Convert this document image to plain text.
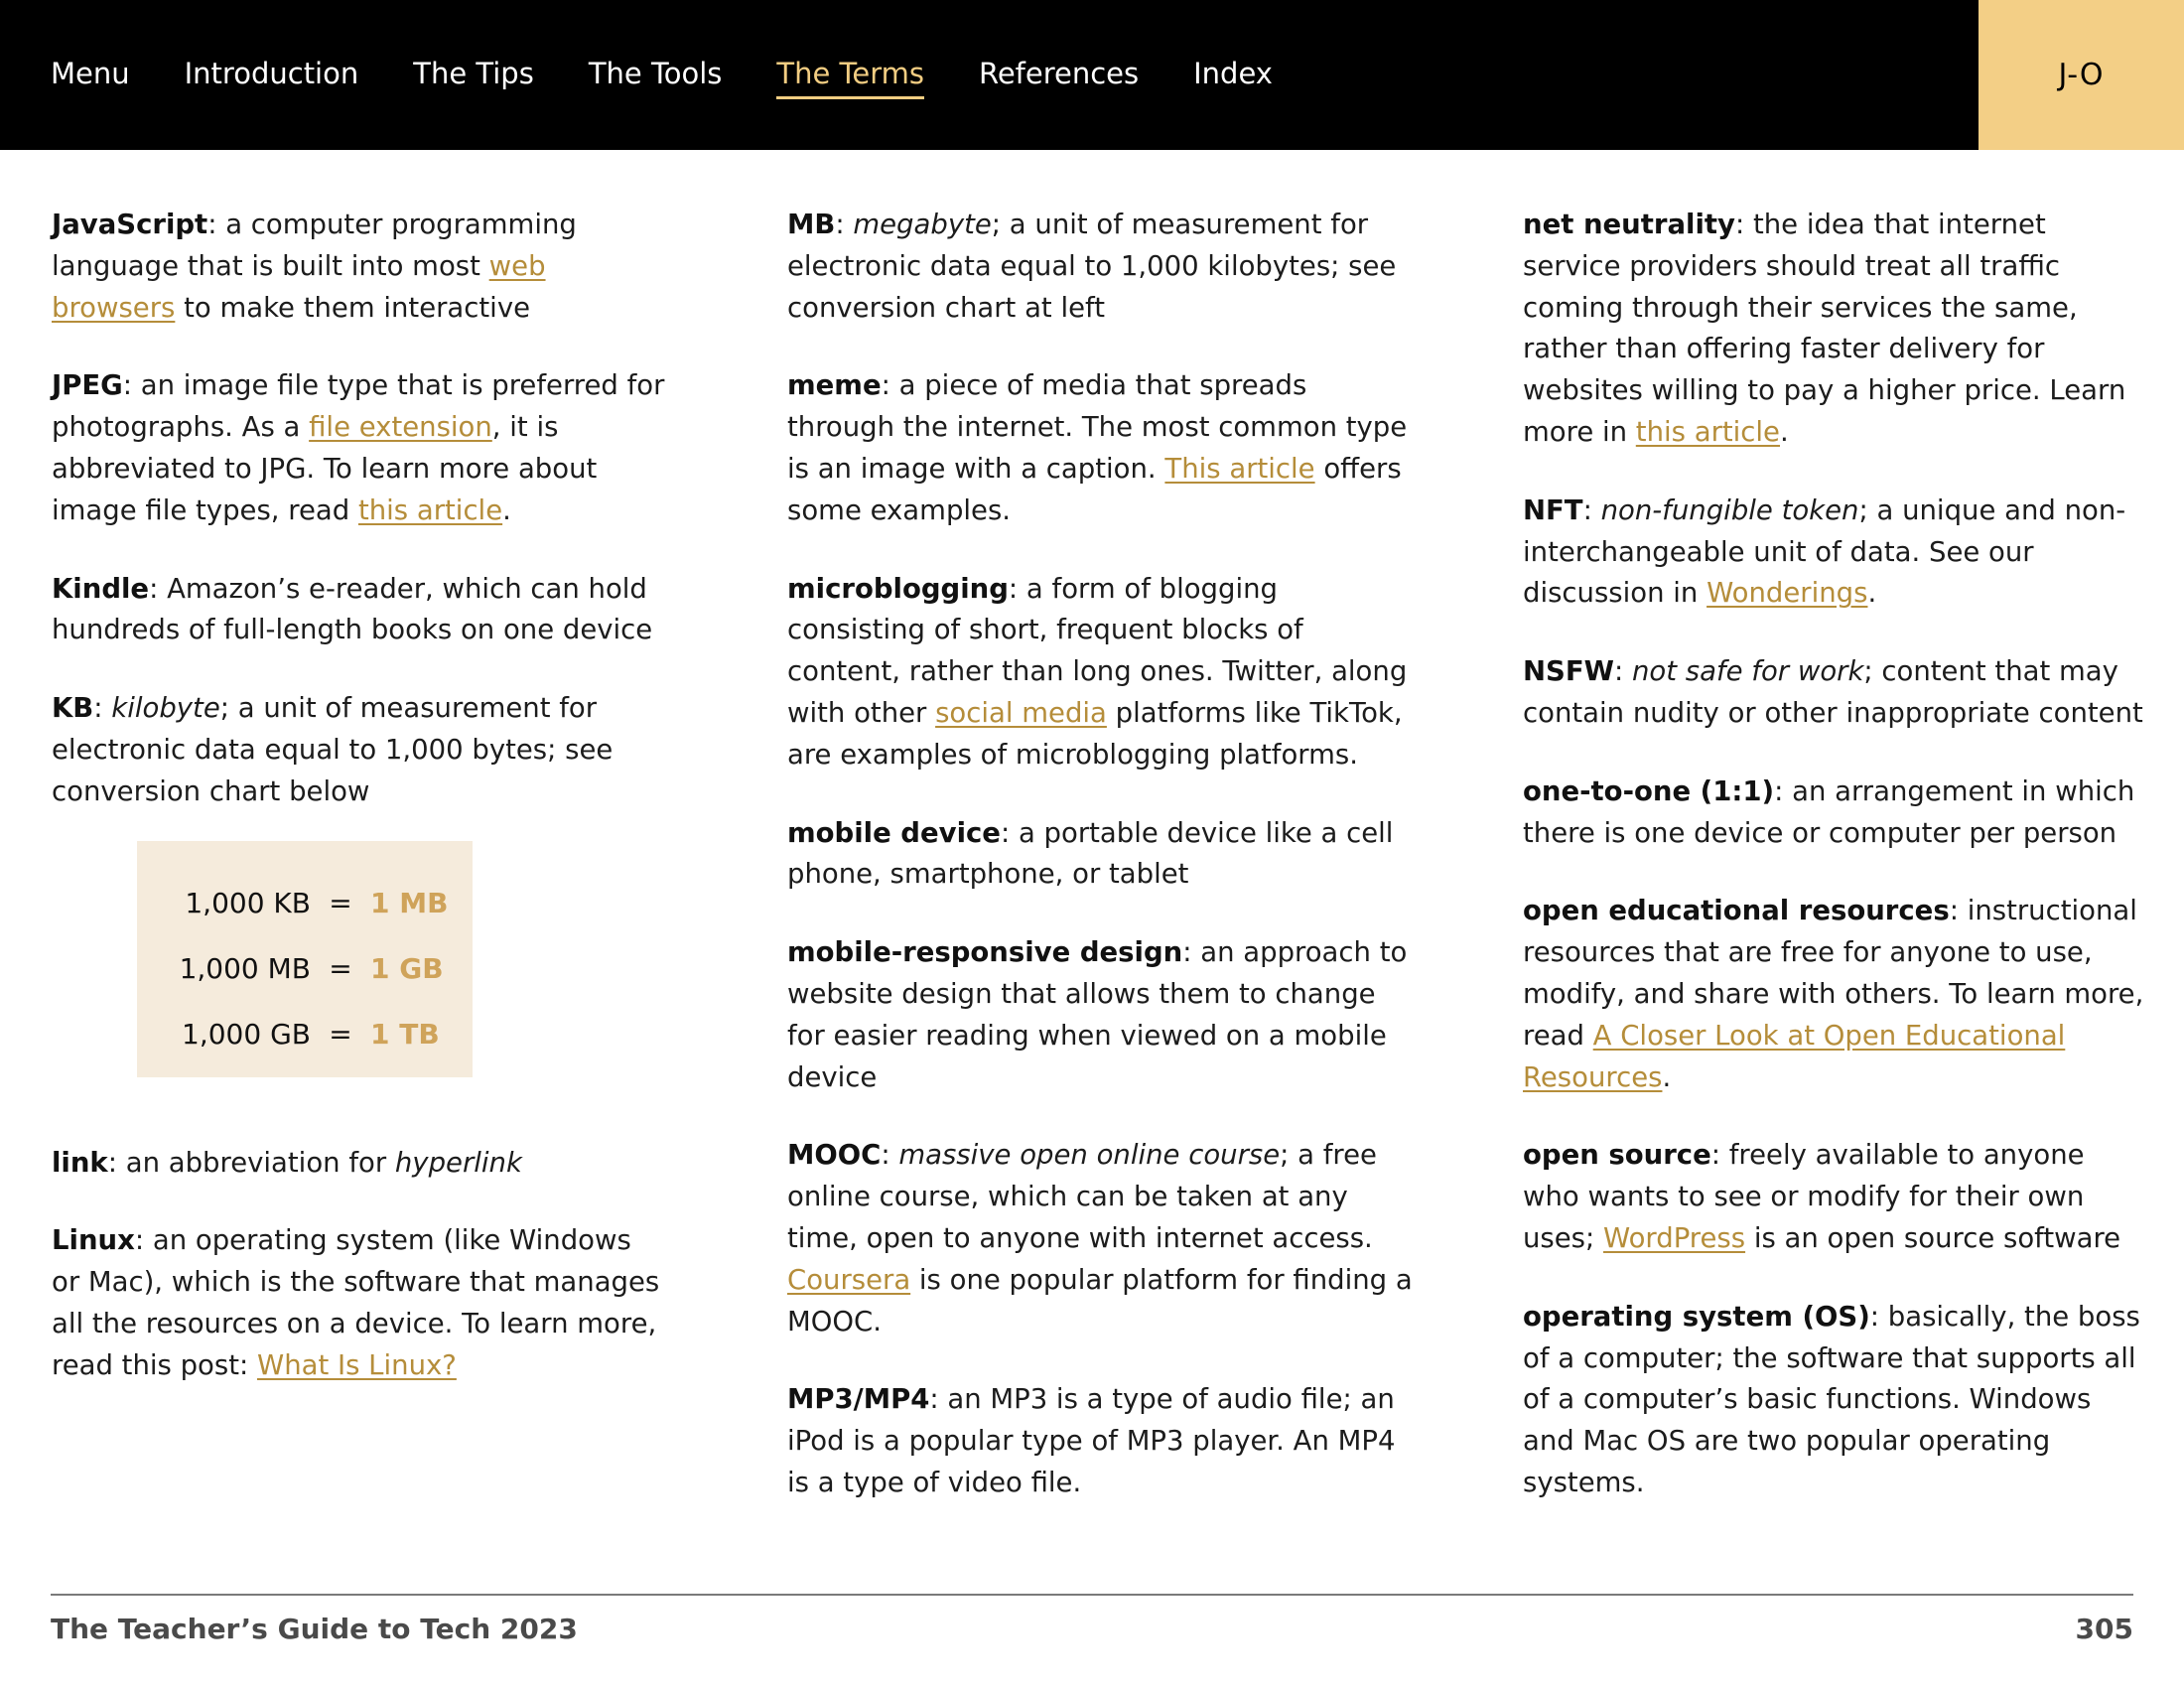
Menu Introduction The Tips The Tools The Terms References Index	J-O

JavaScript: a computer programming language that is built into most web browsers to make them interactive

JPEG: an image file type that is preferred for photographs. As a file extension, it is abbreviated to JPG. To learn more about image file types, read this article.

Kindle: Amazon’s e-reader, which can hold hundreds of full-length books on one device

KB: kilobyte; a unit of measurement for electronic data equal to 1,000 bytes; see conversion chart below

1,000 KB = 1 MB
1,000 MB = 1 GB
1,000 GB = 1 TB

link: an abbreviation for hyperlink

Linux: an operating system (like Windows or Mac), which is the software that manages all the resources on a device. To learn more, read this post: What Is Linux?

MB: megabyte; a unit of measurement for electronic data equal to 1,000 kilobytes; see conversion chart at left

meme: a piece of media that spreads through the internet. The most common type is an image with a caption. This article offers some examples.

microblogging: a form of blogging consisting of short, frequent blocks of content, rather than long ones. Twitter, along with other social media platforms like TikTok, are examples of microblogging platforms.

mobile device: a portable device like a cell phone, smartphone, or tablet

mobile-responsive design: an approach to website design that allows them to change for easier reading when viewed on a mobile device

MOOC: massive open online course; a free online course, which can be taken at any time, open to anyone with internet access. Coursera is one popular platform for finding a MOOC.

MP3/MP4: an MP3 is a type of audio file; an iPod is a popular type of MP3 player. An MP4 is a type of video file.

net neutrality: the idea that internet service providers should treat all traffic coming through their services the same, rather than offering faster delivery for websites willing to pay a higher price. Learn more in this article.

NFT: non-fungible token; a unique and non-interchangeable unit of data. See our discussion in Wonderings.

NSFW: not safe for work; content that may contain nudity or other inappropriate content

one-to-one (1:1): an arrangement in which there is one device or computer per person

open educational resources: instructional resources that are free for anyone to use, modify, and share with others. To learn more, read A Closer Look at Open Educational Resources.

open source: freely available to anyone who wants to see or modify for their own uses; WordPress is an open source software

operating system (OS): basically, the boss of a computer; the software that supports all of a computer’s basic functions. Windows and Mac OS are two popular operating systems.

The Teacher’s Guide to Tech 2023	305
